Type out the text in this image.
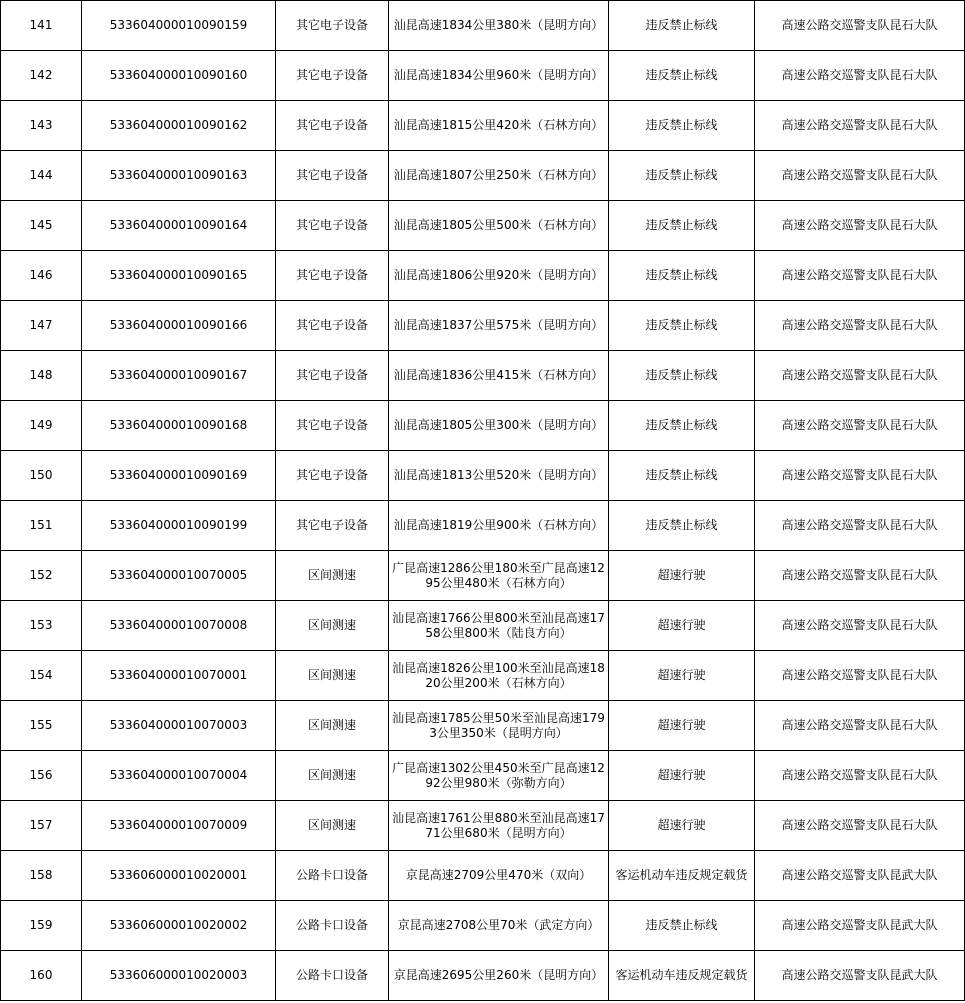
141	533604000010090159	其它电子设备	汕昆高速1834公里380米（昆明方向）	违反禁止标线	高速公路交巡警支队昆石大队
142	533604000010090160	其它电子设备	汕昆高速1834公里960米（昆明方向）	违反禁止标线	高速公路交巡警支队昆石大队
143	533604000010090162	其它电子设备	汕昆高速1815公里420米（石林方向）	违反禁止标线	高速公路交巡警支队昆石大队
144	533604000010090163	其它电子设备	汕昆高速1807公里250米（石林方向）	违反禁止标线	高速公路交巡警支队昆石大队
145	533604000010090164	其它电子设备	汕昆高速1805公里500米（石林方向）	违反禁止标线	高速公路交巡警支队昆石大队
146	533604000010090165	其它电子设备	汕昆高速1806公里920米（昆明方向）	违反禁止标线	高速公路交巡警支队昆石大队
147	533604000010090166	其它电子设备	汕昆高速1837公里575米（昆明方向）	违反禁止标线	高速公路交巡警支队昆石大队
148	533604000010090167	其它电子设备	汕昆高速1836公里415米（石林方向）	违反禁止标线	高速公路交巡警支队昆石大队
149	533604000010090168	其它电子设备	汕昆高速1805公里300米（昆明方向）	违反禁止标线	高速公路交巡警支队昆石大队
150	533604000010090169	其它电子设备	汕昆高速1813公里520米（昆明方向）	违反禁止标线	高速公路交巡警支队昆石大队
151	533604000010090199	其它电子设备	汕昆高速1819公里900米（石林方向）	违反禁止标线	高速公路交巡警支队昆石大队
152	533604000010070005	区间测速	广昆高速1286公里180米至广昆高速1295公里480米（石林方向）	超速行驶	高速公路交巡警支队昆石大队
153	533604000010070008	区间测速	汕昆高速1766公里800米至汕昆高速1758公里800米（陆良方向）	超速行驶	高速公路交巡警支队昆石大队
154	533604000010070001	区间测速	汕昆高速1826公里100米至汕昆高速1820公里200米（石林方向）	超速行驶	高速公路交巡警支队昆石大队
155	533604000010070003	区间测速	汕昆高速1785公里50米至汕昆高速1793公里350米（昆明方向）	超速行驶	高速公路交巡警支队昆石大队
156	533604000010070004	区间测速	广昆高速1302公里450米至广昆高速1292公里980米（弥勒方向）	超速行驶	高速公路交巡警支队昆石大队
157	533604000010070009	区间测速	汕昆高速1761公里880米至汕昆高速1771公里680米（昆明方向）	超速行驶	高速公路交巡警支队昆石大队
158	533606000010020001	公路卡口设备	京昆高速2709公里470米（双向）	客运机动车违反规定载货	高速公路交巡警支队昆武大队
159	533606000010020002	公路卡口设备	京昆高速2708公里70米（武定方向）	违反禁止标线	高速公路交巡警支队昆武大队
160	533606000010020003	公路卡口设备	京昆高速2695公里260米（昆明方向）	客运机动车违反规定载货	高速公路交巡警支队昆武大队
